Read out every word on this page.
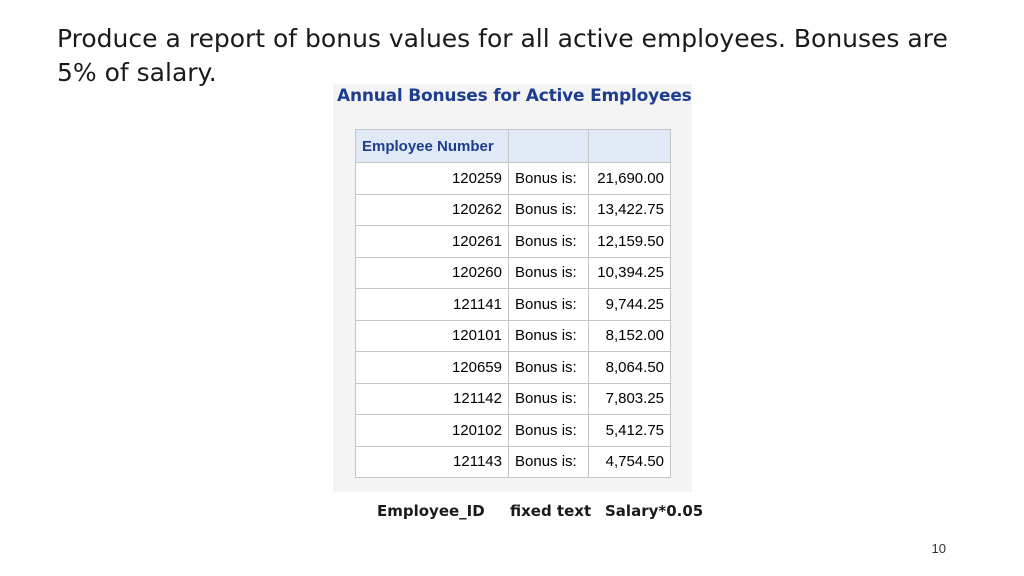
Produce a report of bonus values for all active employees. Bonuses are 5% of salary.

Annual Bonuses for Active Employees
Employee Number		
120259	Bonus is:	21,690.00
120262	Bonus is:	13,422.75
120261	Bonus is:	12,159.50
120260	Bonus is:	10,394.25
121141	Bonus is:	9,744.25
120101	Bonus is:	8,152.00
120659	Bonus is:	8,064.50
121142	Bonus is:	7,803.25
120102	Bonus is:	5,412.75
121143	Bonus is:	4,754.50
Employee_ID fixed text Salary*0.05
10
